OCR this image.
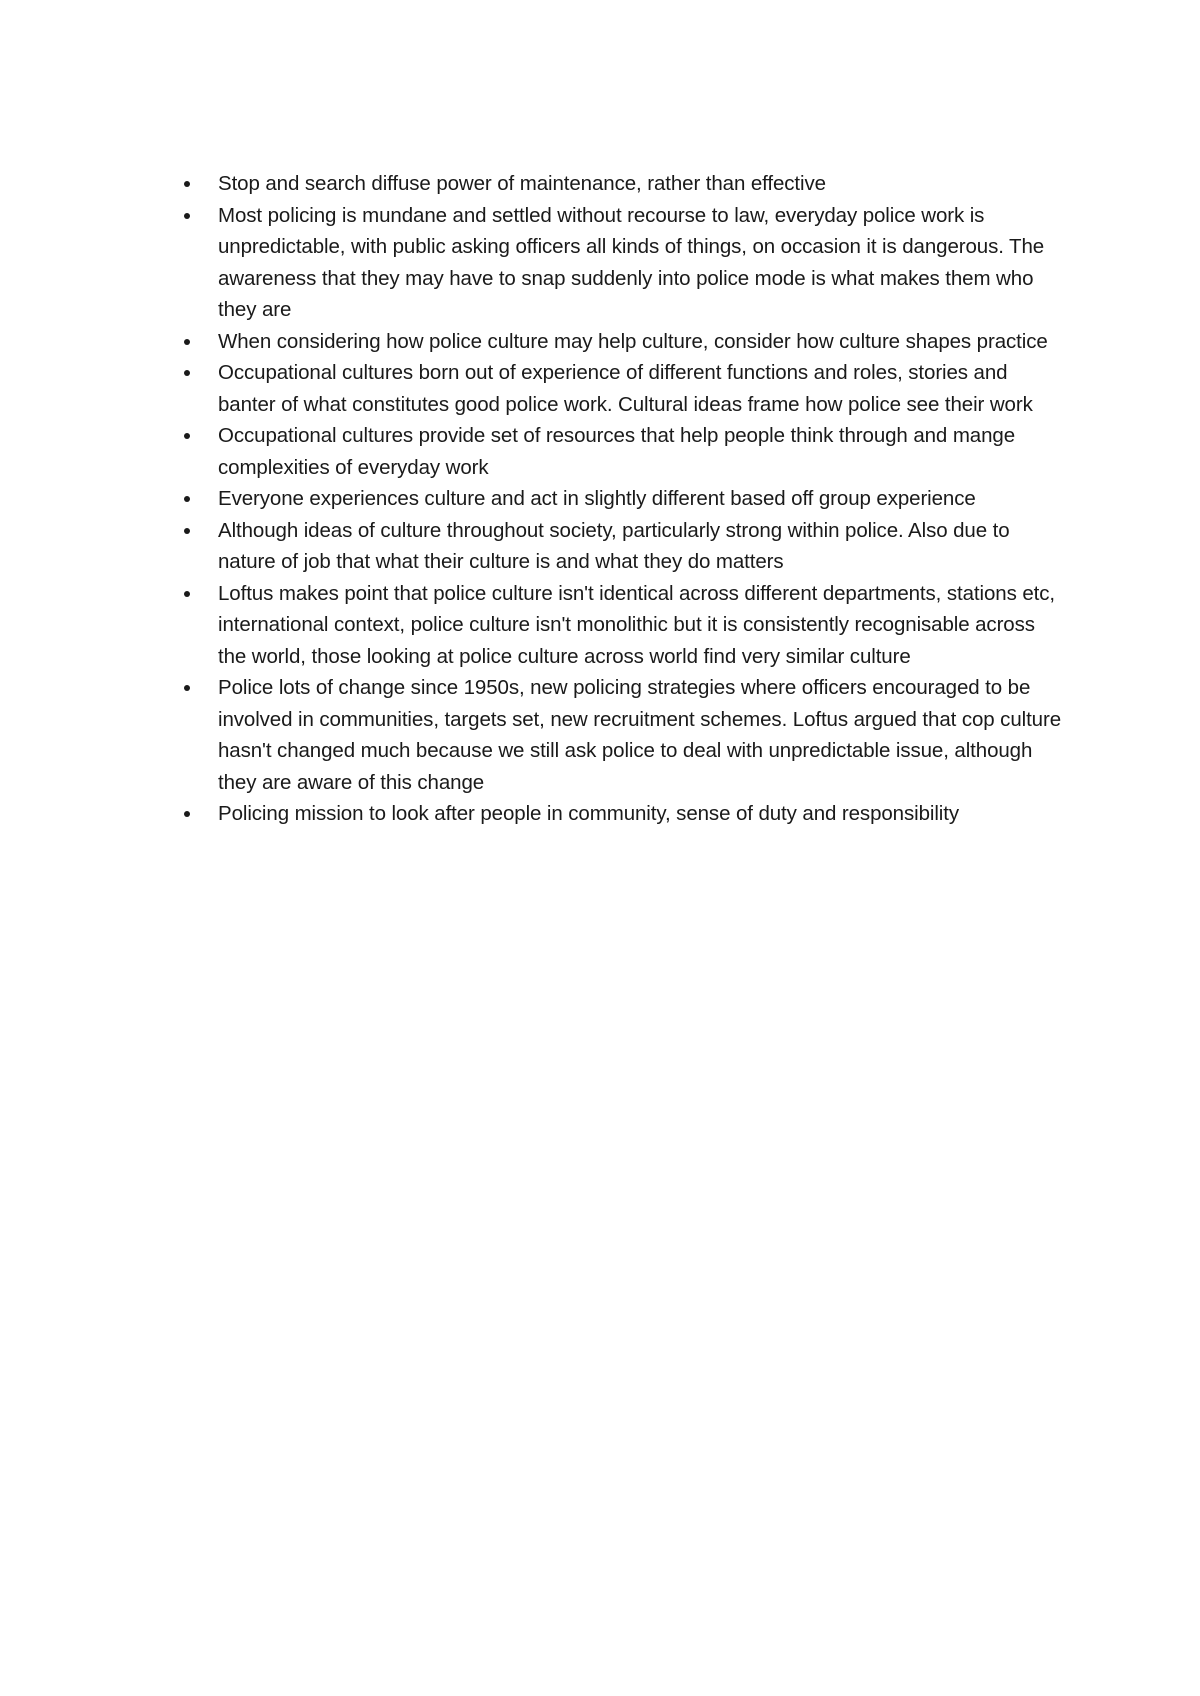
Stop and search diffuse power of maintenance, rather than effective
Most policing is mundane and settled without recourse to law, everyday police work is unpredictable, with public asking officers all kinds of things, on occasion it is dangerous. The awareness that they may have to snap suddenly into police mode is what makes them who they are
When considering how police culture may help culture, consider how culture shapes practice
Occupational cultures born out of experience of different functions and roles, stories and banter of what constitutes good police work. Cultural ideas frame how police see their work
Occupational cultures provide set of resources that help people think through and mange complexities of everyday work
Everyone experiences culture and act in slightly different based off group experience
Although ideas of culture throughout society, particularly strong within police. Also due to nature of job that what their culture is and what they do matters
Loftus makes point that police culture isn't identical across different departments, stations etc, international context, police culture isn't monolithic but it is consistently recognisable across the world, those looking at police culture across world find very similar culture
Police lots of change since 1950s, new policing strategies where officers encouraged to be involved in communities, targets set, new recruitment schemes. Loftus argued that cop culture hasn't changed much because we still ask police to deal with unpredictable issue, although they are aware of this change
Policing mission to look after people in community, sense of duty and responsibility
